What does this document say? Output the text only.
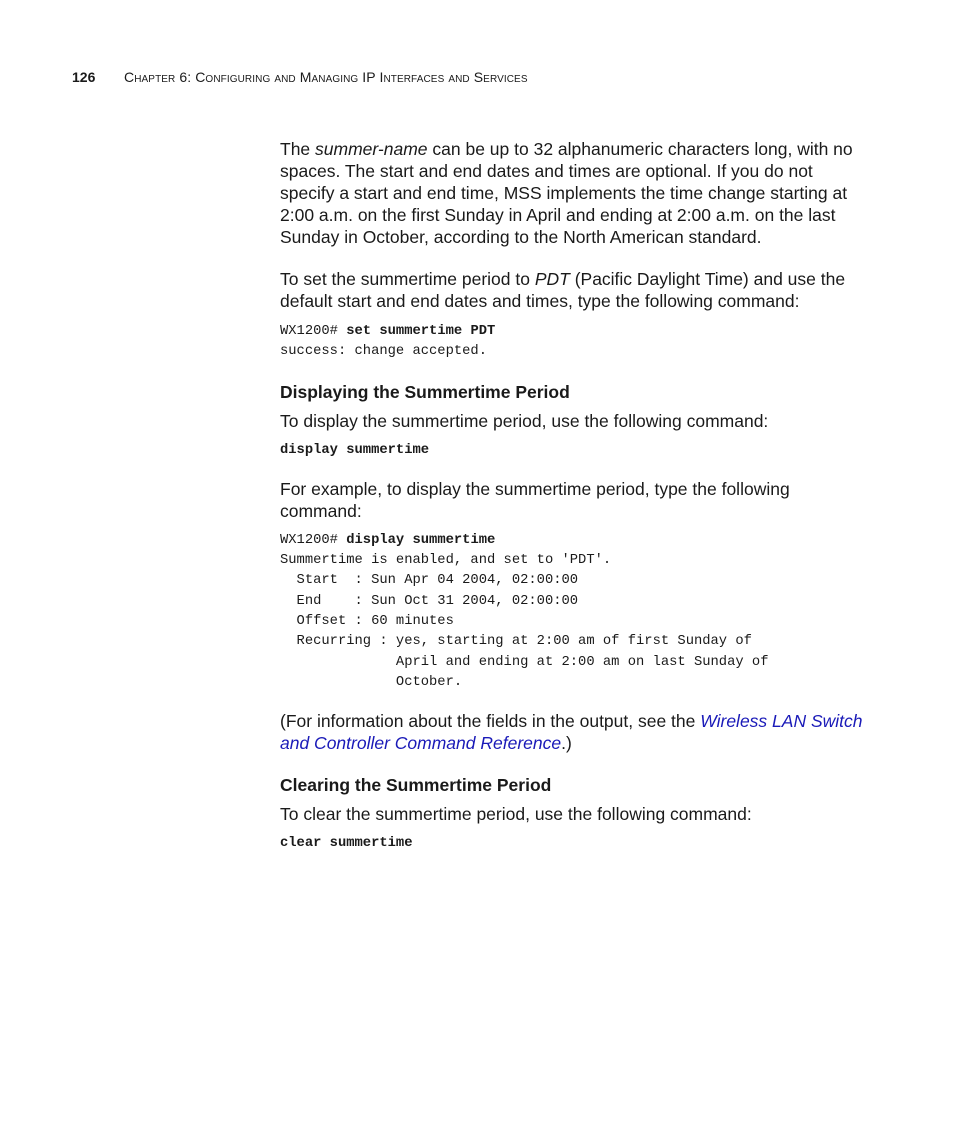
126 Chapter 6: Configuring and Managing IP Interfaces and Services

The summer-name can be up to 32 alphanumeric characters long, with no spaces. The start and end dates and times are optional. If you do not specify a start and end time, MSS implements the time change starting at 2:00 a.m. on the first Sunday in April and ending at 2:00 a.m. on the last Sunday in October, according to the North American standard.

To set the summertime period to PDT (Pacific Daylight Time) and use the default start and end dates and times, type the following command:

WX1200# set summertime PDT
success: change accepted.
Displaying the Summertime Period

To display the summertime period, use the following command:

display summertime

For example, to display the summertime period, type the following command:

WX1200# display summertime
Summertime is enabled, and set to 'PDT'.
Start  : Sun Apr 04 2004, 02:00:00
End    : Sun Oct 31 2004, 02:00:00
Offset : 60 minutes
Recurring : yes, starting at 2:00 am of first Sunday of
April and ending at 2:00 am on last Sunday of
October.

(For information about the fields in the output, see the Wireless LAN Switch and Controller Command Reference.)

Clearing the Summertime Period

To clear the summertime period, use the following command:

clear summertime
